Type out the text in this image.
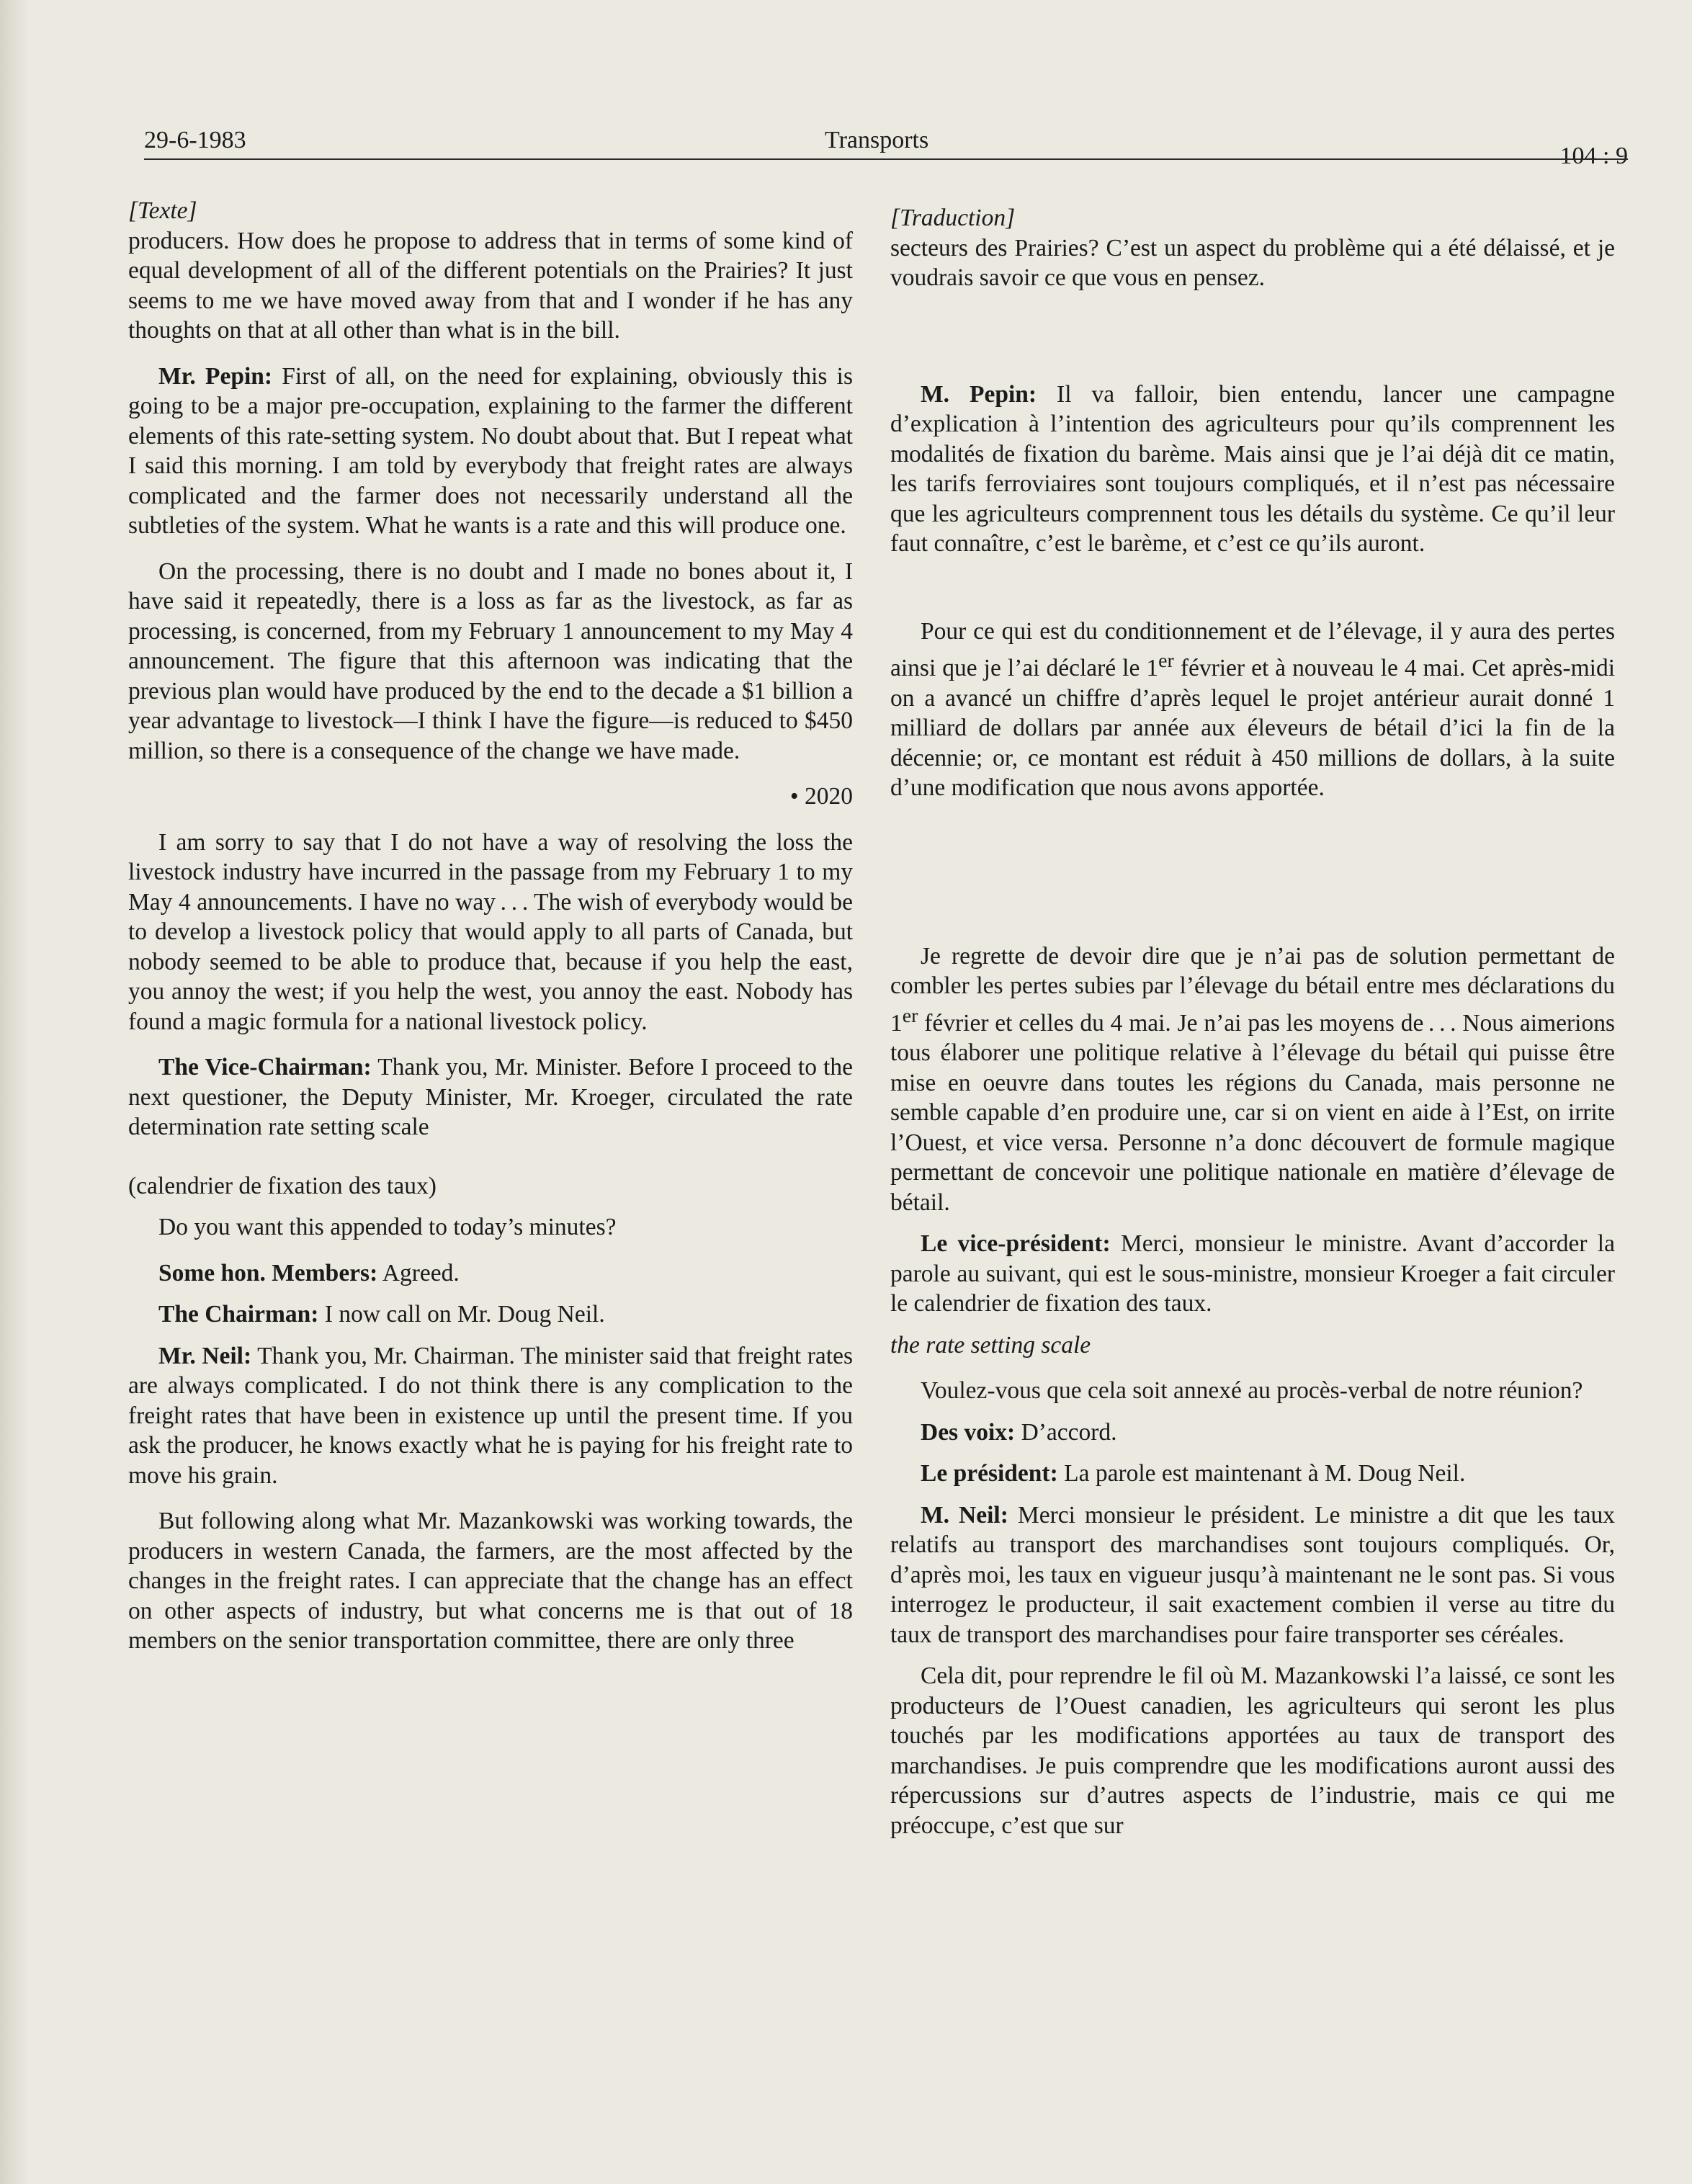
29-6-1983	Transports
104 : 9

[Texte]

producers. How does he propose to address that in terms of some kind of equal development of all of the different potentials on the Prairies? It just seems to me we have moved away from that and I wonder if he has any thoughts on that at all other than what is in the bill.

Mr. Pepin: First of all, on the need for explaining, obviously this is going to be a major pre-occupation, explaining to the farmer the different elements of this rate-setting system. No doubt about that. But I repeat what I said this morning. I am told by everybody that freight rates are always complicated and the farmer does not necessarily understand all the subtleties of the system. What he wants is a rate and this will produce one.

On the processing, there is no doubt and I made no bones about it, I have said it repeatedly, there is a loss as far as the livestock, as far as processing, is concerned, from my February 1 announcement to my May 4 announcement. The figure that this afternoon was indicating that the previous plan would have produced by the end to the decade a $1 billion a year advantage to livestock—I think I have the figure—is reduced to $450 million, so there is a consequence of the change we have made.

• 2020

I am sorry to say that I do not have a way of resolving the loss the livestock industry have incurred in the passage from my February 1 to my May 4 announcements. I have no way . . . The wish of everybody would be to develop a livestock policy that would apply to all parts of Canada, but nobody seemed to be able to produce that, because if you help the east, you annoy the west; if you help the west, you annoy the east. Nobody has found a magic formula for a national livestock policy.

The Vice-Chairman: Thank you, Mr. Minister. Before I proceed to the next questioner, the Deputy Minister, Mr. Kroeger, circulated the rate determination rate setting scale

(calendrier de fixation des taux)

Do you want this appended to today’s minutes?

Some hon. Members: Agreed.

The Chairman: I now call on Mr. Doug Neil.

Mr. Neil: Thank you, Mr. Chairman. The minister said that freight rates are always complicated. I do not think there is any complication to the freight rates that have been in existence up until the present time. If you ask the producer, he knows exactly what he is paying for his freight rate to move his grain.

But following along what Mr. Mazankowski was working towards, the producers in western Canada, the farmers, are the most affected by the changes in the freight rates. I can appreciate that the change has an effect on other aspects of industry, but what concerns me is that out of 18 members on the senior transportation committee, there are only three

[Traduction]

secteurs des Prairies? C’est un aspect du problème qui a été délaissé, et je voudrais savoir ce que vous en pensez.

M. Pepin: Il va falloir, bien entendu, lancer une campagne d’explication à l’intention des agriculteurs pour qu’ils comprennent les modalités de fixation du barème. Mais ainsi que je l’ai déjà dit ce matin, les tarifs ferroviaires sont toujours compliqués, et il n’est pas nécessaire que les agriculteurs comprennent tous les détails du système. Ce qu’il leur faut connaître, c’est le barème, et c’est ce qu’ils auront.

Pour ce qui est du conditionnement et de l’élevage, il y aura des pertes ainsi que je l’ai déclaré le 1er février et à nouveau le 4 mai. Cet après-midi on a avancé un chiffre d’après lequel le projet antérieur aurait donné 1 milliard de dollars par année aux éleveurs de bétail d’ici la fin de la décennie; or, ce montant est réduit à 450 millions de dollars, à la suite d’une modification que nous avons apportée.

Je regrette de devoir dire que je n’ai pas de solution permettant de combler les pertes subies par l’élevage du bétail entre mes déclarations du 1er février et celles du 4 mai. Je n’ai pas les moyens de . . . Nous aimerions tous élaborer une politique relative à l’élevage du bétail qui puisse être mise en oeuvre dans toutes les régions du Canada, mais personne ne semble capable d’en produire une, car si on vient en aide à l’Est, on irrite l’Ouest, et vice versa. Personne n’a donc découvert de formule magique permettant de concevoir une politique nationale en matière d’élevage de bétail.

Le vice-président: Merci, monsieur le ministre. Avant d’accorder la parole au suivant, qui est le sous-ministre, monsieur Kroeger a fait circuler le calendrier de fixation des taux.

the rate setting scale

Voulez-vous que cela soit annexé au procès-verbal de notre réunion?

Des voix: D’accord.

Le président: La parole est maintenant à M. Doug Neil.

M. Neil: Merci monsieur le président. Le ministre a dit que les taux relatifs au transport des marchandises sont toujours compliqués. Or, d’après moi, les taux en vigueur jusqu’à maintenant ne le sont pas. Si vous interrogez le producteur, il sait exactement combien il verse au titre du taux de transport des marchandises pour faire transporter ses céréales.

Cela dit, pour reprendre le fil où M. Mazankowski l’a laissé, ce sont les producteurs de l’Ouest canadien, les agriculteurs qui seront les plus touchés par les modifications apportées au taux de transport des marchandises. Je puis comprendre que les modifications auront aussi des répercussions sur d’autres aspects de l’industrie, mais ce qui me préoccupe, c’est que sur
